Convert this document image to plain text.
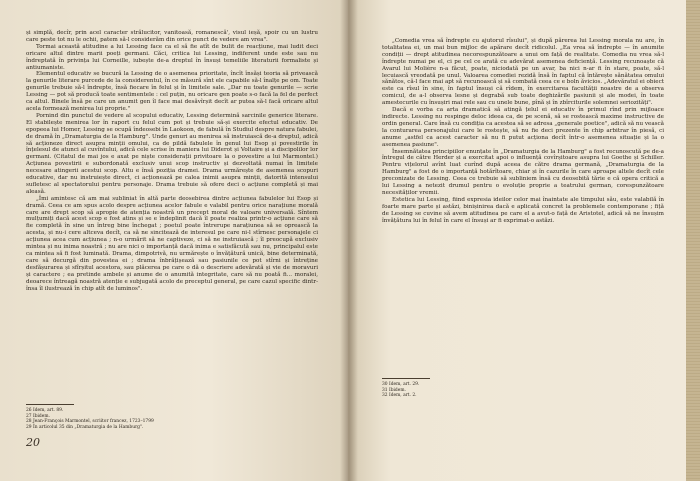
și simplă, decîr, prin acel caracter strălucitor, vanitoasă, romanescă', visul ieșă, spoir cu un lustru care peste tot nu le ochii, patem să-l considerăm din orice punct de vedere am vrea".

Tormai această atitudine a lui Lessing face ca el să fie atît de bulit de reacțiune, mai ludit deci oricare altul dintre marii poeți germani. Căci, critica lui Lessing, indiferent unde este sau nu îndreptată în privința lui Corneille, iubește de-a dreptul în însuși temeliile literaturii formaliste și antiumaniste.

Elementul educativ se bucură la Lessing de o asemenea prioritate, încît însăși teoria să privească la genurile literare purcede de la considerentul, în ce măsură sînt ele capabile să-l înalțe pe om. Toate genurile trebuie să-l îndrepte, însă fiecare în felul și în limitele sale. „Dar nu toate genurile — scrie Lessing — pot să producă toate sentimentele : cel puțin, nu oricare gen poate s-o facă la fel de perfect ca altul. Binele însă pe care un anumit gen îl face mai desăvîrșit decît ar putea să-l facă oricare altul acela formează menirea lui proprie."

Pornind din punctul de vedere al scopului educativ, Lessing determină sarcinile generice literare. El stabilește menirea lor în raport cu felul cum pot și trebuie să-și exercite efectul educativ. De epopeea lui Homer, Lessing se ocupă îndeosebi în Laokoon, de fabulă în Studiul despre natura fabulei, de dramă în „Dramaturgia de la Hamburg". Unde genuri au menirea să instruiască de-a dreptul, adică să acționeze direct asupra minții omului, ca de pildă fabulele în genul lui Esop și povestirile în înțelesul de atunci al cuvîntului, adică cele scrise în maniera lui Diderot și Voltaire și a discipolilor lor germani. (Citatul de mai jos e axat pe niște considerații privitoare la o povestire a lui Marmontel.) Acțiunea povestirii e subordonată exclusiv unui scop instructiv și dezvoltată numai în limitele necesare atingerii acestui scop. Altu e însă poziția dramei. Drama urmărește de asemenea scopuri educative, dar nu instruiește direct, ci acționează pe calea inimii asupra minții, datorită intensului sufletesc al spectatorului pentru personaje. Drama trebuie să ofere deci o acțiune completă și mai aleasă.

„Îmi amintesc că am mai subliniat în altă parte deosebirea dintre acțiunea fabulelor lui Esop și dramă. Ceea ce am spus acolo despre acțiunea acelor fabule e valabil pentru orice narațiune morală care are drept scop să apropie de atenția noastră un precept moral de valoare universală. Sîntem mulțumiți dacă acest scop e fost atins și se e îndeplinit dacă îl poate realiza printr-o acțiune care să fie completă în sine un întreg bine închegat ; poetul poate întrerupe narațiunea să se oprească la acesta, și nu-i cere altceva decît, ca să ne sincitează de interesul pe care ni-l stîrnesc personajele ci acțiunea acea cum acțiunea ; n-o urmărit să ne captiveze, ci să ne instruiască ; îl preocupă exclusiv mintea și nu inima noastră ; nu are nici o importanță dacă inima e satisfăcută sau nu, principalul este ca mintea să fi fost luminată. Drama, dimpotrivă, nu urmărește o învățătură unică, bine determinată, care să decurgă din povestea ei ; drama înbrățișează sau pasiunile ce pot stîrni și întreține desfășurarea și sfîrșitul acestora, sau plăcerea pe care o dă o descriere adevărată și vie de moravuri și caractere ; ea pretinde ambele și anume de o anumită integritate, care să nu poată fi... moralei, deoarece întreagă noastră atenție e subjugată acolo de preceptul general, pe care cazul specific dintr-însa îl ilustrează în chip atît de luminos".

26 Idem, art. 89.
27 Ibidem.
28 Jean-François Marmontel, scriitor francez, 1723–1799
29 În articolul 35 din „Dramaturgia de la Hamburg".
20

„Comedia vrea să îndrepte cu ajutorul rîsului", și după părerea lui Lessing morala nu are, în totalitatea ei, un mai bun mijloc de apărare decît ridicolul. „Ea vrea să îndrepte — în anumite condiții — drept atitudinea necorespunzătoare a unui om față de realitate. Comedia nu vrea să-l îndrepte numai pe el, ci pe cel ce arată cu adevărat asemenea deficiență. Lessing recunoaște că Avarul lui Molière n-a făcut, poate, niciodată pe un avar, ba nici n-ar fi în stare, poate, să-l lecuiască vreodată pe unul. Valoarea comediei rezidă însă în faptul că întărește sănătatea omului sănătos, că-l face mai apt să recunoască și să combată ceea ce e boln ăvicios. „Adevăratul ei obiect este ca rîsul în sine, în faptul însuși că rîdem, în exercitarea facultății noastre de a observa comicul, de a-l observa lesne și degrabă sub toate deghizările pasiunii și ale modei, în toate amestecurile cu însușiri mai rele sau cu unele bune, pînă și în zbîrciturile solemnei seriozități".

Dacă e vorba ca arta dramatică să atingă țelul ei educativ în primul rînd prin mijloace indirecte. Lessing nu respinge deloc ideea ca, de pe scenă, să se rostească maxime instructive de ordin general. Care însă cu condiția ca acestea să se adresa „generale poetice", adică să nu vească la conturarea personajului care le rostește, să nu fie deci prezente în chip arbitrar în piesă, ci anume „astfel ca acest caracter să nu fi putut acționa decît într-o asemenea situație și la o asemenea pasiune".

Însemnătatea principiilor enunțate în „Dramaturgia de la Hamburg" a fost recunoscută pe de-a întregul de către Herder și a exercitat apoi o influență covîrșitoare asupra lui Goethe și Schiller. Pentru vițelorul avînt luat curînd după aceea de către drama germană, „Dramaturgia de la Hamburg" a fost de o importanță hotărîtoare, chiar și în cazurile în care aproape altele decît cele preconizate de Lessing. Ceea ce trebuie să subliniem însă cu deosebită tărie e că opera critică a lui Lessing a netezit drumul pentru o evoluție proprie a teatrului german, corespunzătoare necesităților vremii.

Estetica lui Lessing, fiind expresia ideilor celor mai înaintate ale timpului său, este valabilă în foarte mare parte și astăzi, binișinirea dacă e aplicată concret la problemele contemporane ; fiță de Lessing se cuvine să avem atitudinea pe care el a avut-o față de Aristotel, adică să ne însușim învățătura lui în felul în care el însuși ar fi exprimat-o astăzi.

30 Idem, art. 29.
31 Ibidem.
32 Idem, art. 2.
